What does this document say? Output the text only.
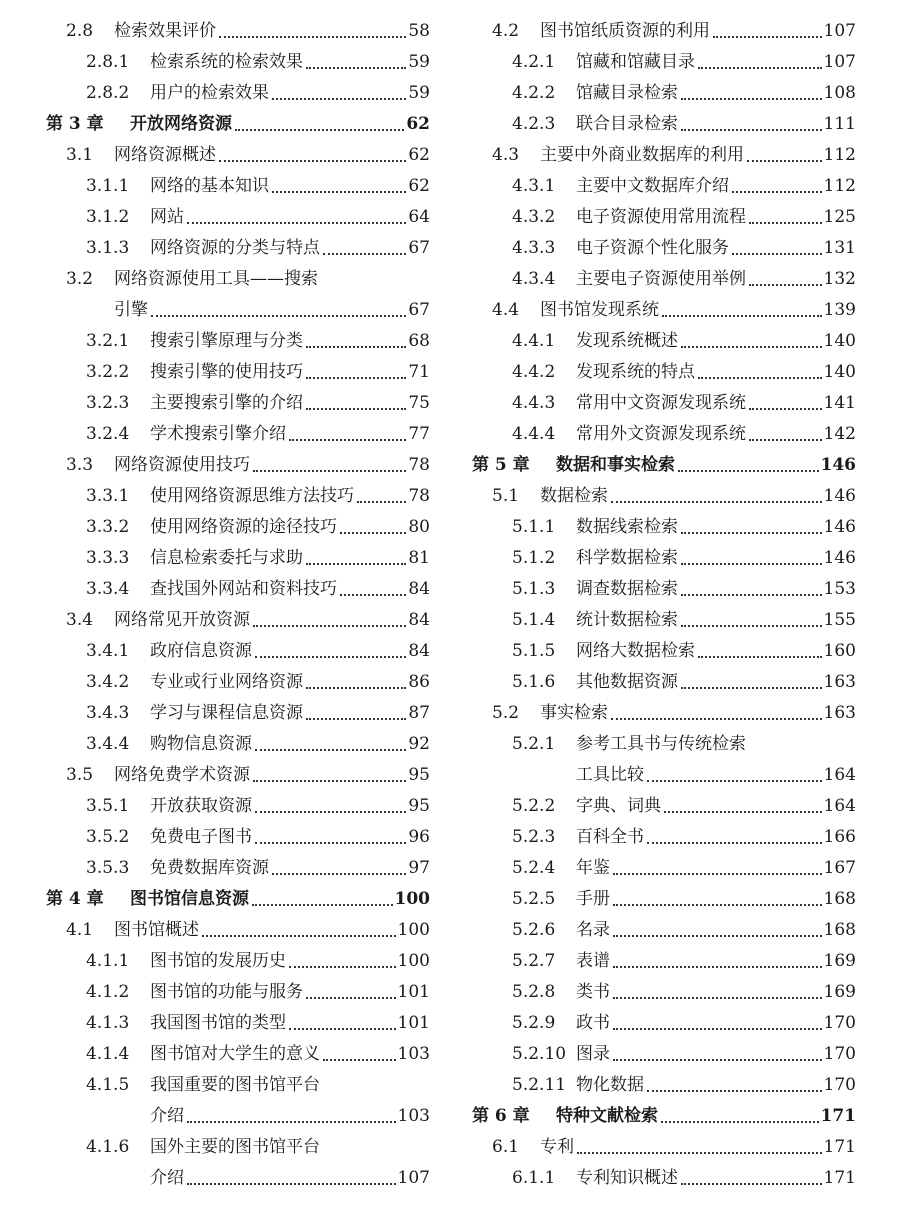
2.8	检索效果评价	58
2.8.1	检索系统的检索效果	59
2.8.2	用户的检索效果	59
第 3 章	开放网络资源	62
3.1	网络资源概述	62
3.1.1	网络的基本知识	62
3.1.2	网站	64
3.1.3	网络资源的分类与特点	67
3.2	网络资源使用工具——搜索
引擎	67
3.2.1	搜索引擎原理与分类	68
3.2.2	搜索引擎的使用技巧	71
3.2.3	主要搜索引擎的介绍	75
3.2.4	学术搜索引擎介绍	77
3.3	网络资源使用技巧	78
3.3.1	使用网络资源思维方法技巧	78
3.3.2	使用网络资源的途径技巧	80
3.3.3	信息检索委托与求助	81
3.3.4	查找国外网站和资料技巧	84
3.4	网络常见开放资源	84
3.4.1	政府信息资源	84
3.4.2	专业或行业网络资源	86
3.4.3	学习与课程信息资源	87
3.4.4	购物信息资源	92
3.5	网络免费学术资源	95
3.5.1	开放获取资源	95
3.5.2	免费电子图书	96
3.5.3	免费数据库资源	97
第 4 章	图书馆信息资源	100
4.1	图书馆概述	100
4.1.1	图书馆的发展历史	100
4.1.2	图书馆的功能与服务	101
4.1.3	我国图书馆的类型	101
4.1.4	图书馆对大学生的意义	103
4.1.5	我国重要的图书馆平台
介绍	103
4.1.6	国外主要的图书馆平台
介绍	107
4.2	图书馆纸质资源的利用	107
4.2.1	馆藏和馆藏目录	107
4.2.2	馆藏目录检索	108
4.2.3	联合目录检索	111
4.3	主要中外商业数据库的利用	112
4.3.1	主要中文数据库介绍	112
4.3.2	电子资源使用常用流程	125
4.3.3	电子资源个性化服务	131
4.3.4	主要电子资源使用举例	132
4.4	图书馆发现系统	139
4.4.1	发现系统概述	140
4.4.2	发现系统的特点	140
4.4.3	常用中文资源发现系统	141
4.4.4	常用外文资源发现系统	142
第 5 章	数据和事实检索	146
5.1	数据检索	146
5.1.1	数据线索检索	146
5.1.2	科学数据检索	146
5.1.3	调查数据检索	153
5.1.4	统计数据检索	155
5.1.5	网络大数据检索	160
5.1.6	其他数据资源	163
5.2	事实检索	163
5.2.1	参考工具书与传统检索
工具比较	164
5.2.2	字典、词典	164
5.2.3	百科全书	166
5.2.4	年鉴	167
5.2.5	手册	168
5.2.6	名录	168
5.2.7	表谱	169
5.2.8	类书	169
5.2.9	政书	170
5.2.10 图录	170
5.2.11 物化数据	170
第 6 章	特种文献检索	171
6.1	专利	171
6.1.1	专利知识概述	171
